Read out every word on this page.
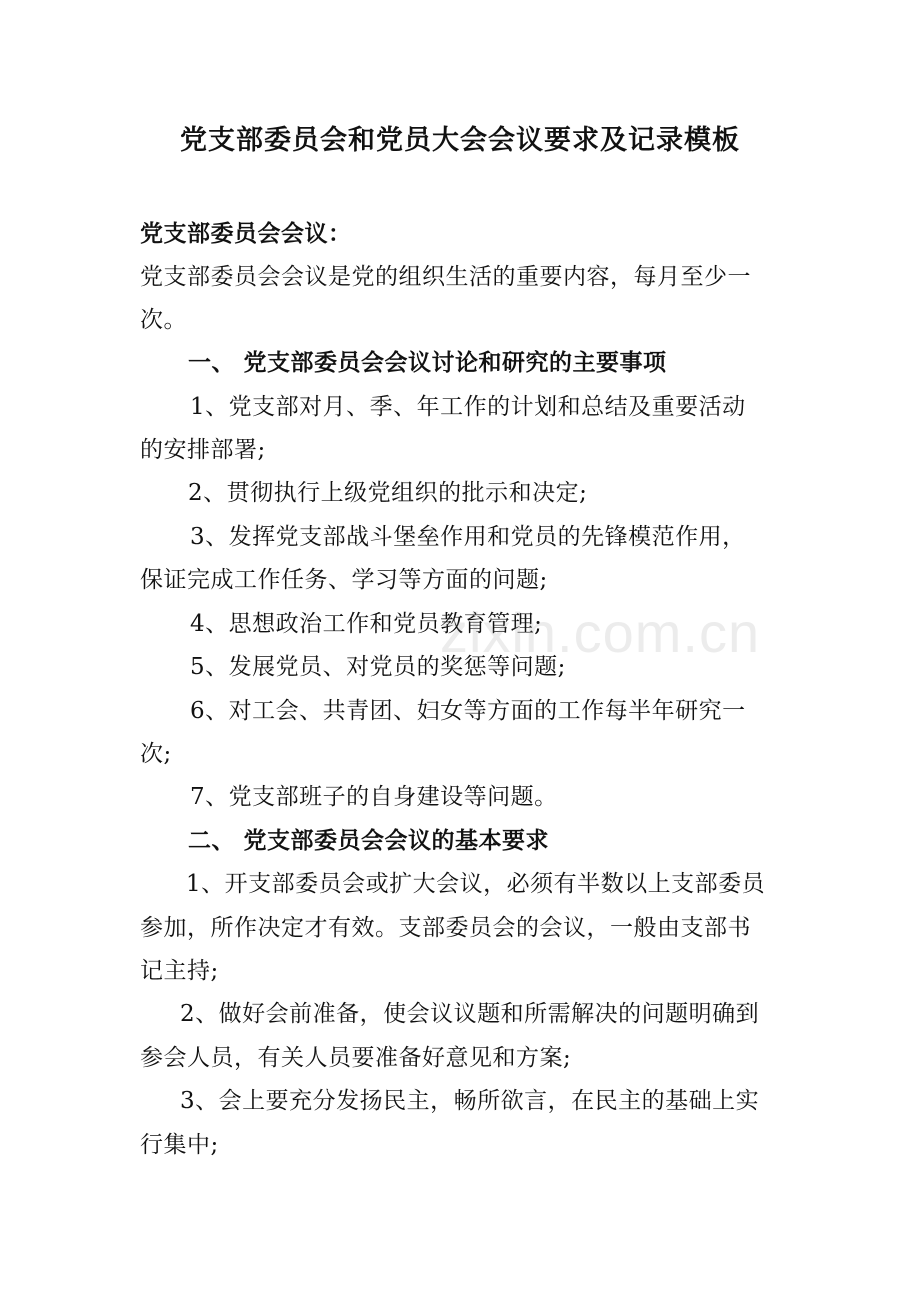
党支部委员会和党员大会会议要求及记录模板
党支部委员会会议：
党支部委员会会议是党的组织生活的重要内容，每月至少一
次。
一、 党支部委员会会议讨论和研究的主要事项
1、党支部对月、季、年工作的计划和总结及重要活动
的安排部署;
2、贯彻执行上级党组织的批示和决定;
3、发挥党支部战斗堡垒作用和党员的先锋模范作用，
保证完成工作任务、学习等方面的问题;
4、思想政治工作和党员教育管理;
5、发展党员、对党员的奖惩等问题;
6、对工会、共青团、妇女等方面的工作每半年研究一
次;
7、党支部班子的自身建设等问题。
二、 党支部委员会会议的基本要求
1、开支部委员会或扩大会议，必须有半数以上支部委员
参加，所作决定才有效。支部委员会的会议，一般由支部书
记主持;
2、做好会前准备，使会议议题和所需解决的问题明确到
参会人员，有关人员要准备好意见和方案;
3、会上要充分发扬民主，畅所欲言，在民主的基础上实
行集中;
zixin.com.cn
